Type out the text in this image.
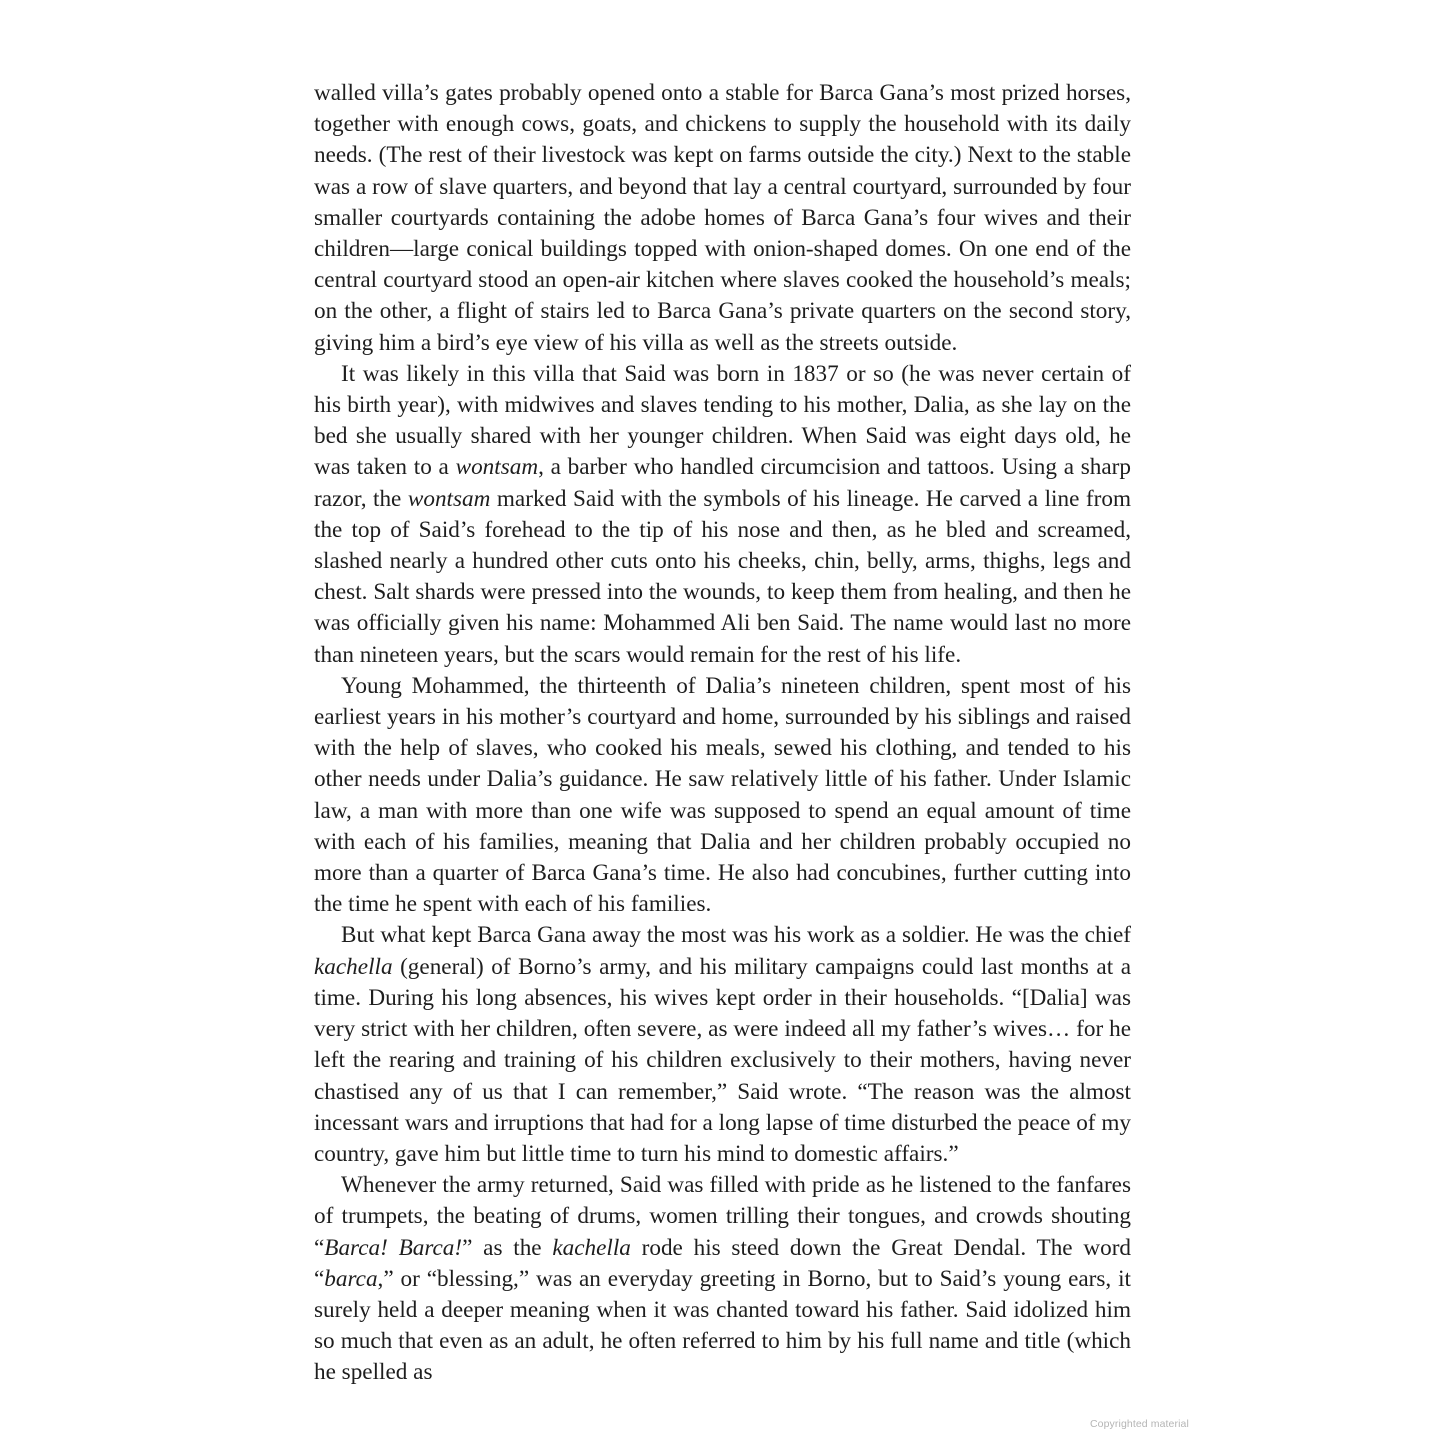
walled villa’s gates probably opened onto a stable for Barca Gana’s most prized horses, together with enough cows, goats, and chickens to supply the household with its daily needs. (The rest of their livestock was kept on farms outside the city.) Next to the stable was a row of slave quarters, and beyond that lay a central courtyard, surrounded by four smaller courtyards containing the adobe homes of Barca Gana’s four wives and their children—large conical buildings topped with onion-shaped domes. On one end of the central courtyard stood an open-air kitchen where slaves cooked the household’s meals; on the other, a flight of stairs led to Barca Gana’s private quarters on the second story, giving him a bird’s eye view of his villa as well as the streets outside.

It was likely in this villa that Said was born in 1837 or so (he was never certain of his birth year), with midwives and slaves tending to his mother, Dalia, as she lay on the bed she usually shared with her younger children. When Said was eight days old, he was taken to a wontsam, a barber who handled circumcision and tattoos. Using a sharp razor, the wontsam marked Said with the symbols of his lineage. He carved a line from the top of Said’s forehead to the tip of his nose and then, as he bled and screamed, slashed nearly a hundred other cuts onto his cheeks, chin, belly, arms, thighs, legs and chest. Salt shards were pressed into the wounds, to keep them from healing, and then he was officially given his name: Mohammed Ali ben Said. The name would last no more than nineteen years, but the scars would remain for the rest of his life.

Young Mohammed, the thirteenth of Dalia’s nineteen children, spent most of his earliest years in his mother’s courtyard and home, surrounded by his siblings and raised with the help of slaves, who cooked his meals, sewed his clothing, and tended to his other needs under Dalia’s guidance. He saw relatively little of his father. Under Islamic law, a man with more than one wife was supposed to spend an equal amount of time with each of his families, meaning that Dalia and her children probably occupied no more than a quarter of Barca Gana’s time. He also had concubines, further cutting into the time he spent with each of his families.

But what kept Barca Gana away the most was his work as a soldier. He was the chief kachella (general) of Borno’s army, and his military campaigns could last months at a time. During his long absences, his wives kept order in their households. “[Dalia] was very strict with her children, often severe, as were indeed all my father’s wives… for he left the rearing and training of his children exclusively to their mothers, having never chastised any of us that I can remember,” Said wrote. “The reason was the almost incessant wars and irruptions that had for a long lapse of time disturbed the peace of my country, gave him but little time to turn his mind to domestic affairs.”

Whenever the army returned, Said was filled with pride as he listened to the fanfares of trumpets, the beating of drums, women trilling their tongues, and crowds shouting “Barca! Barca!” as the kachella rode his steed down the Great Dendal. The word “barca,” or “blessing,” was an everyday greeting in Borno, but to Said’s young ears, it surely held a deeper meaning when it was chanted toward his father. Said idolized him so much that even as an adult, he often referred to him by his full name and title (which he spelled as

Copyrighted material
